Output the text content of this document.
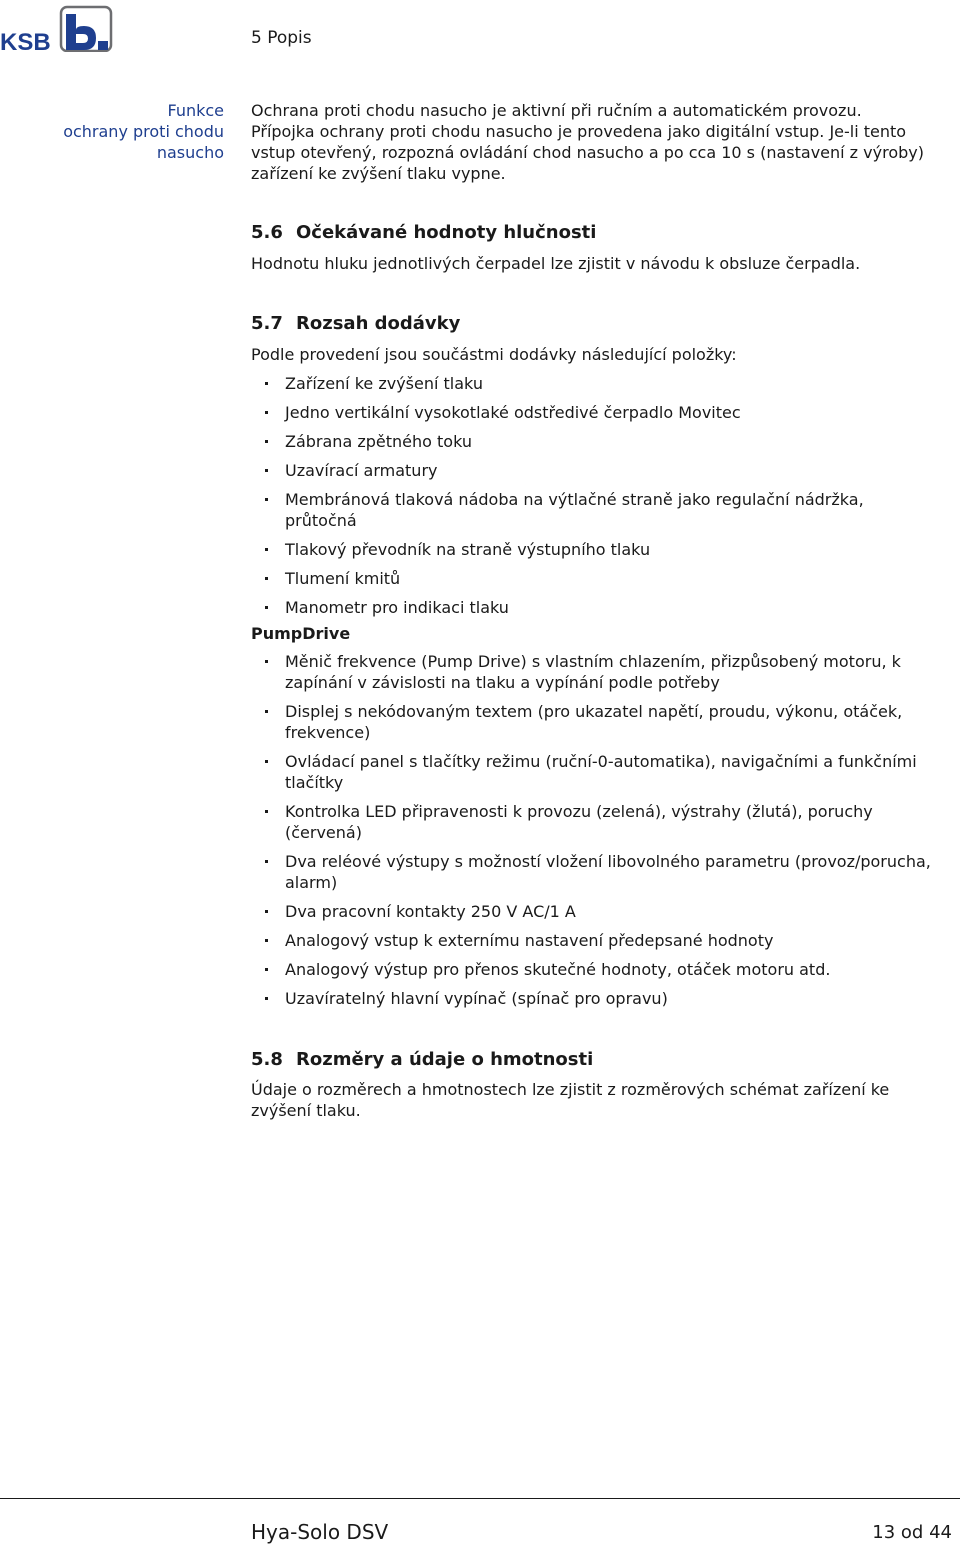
KSB	5 Popis
Funkce
ochrany proti chodu
nasucho
Ochrana proti chodu nasucho je aktivní při ručním a automatickém provozu.
Přípojka ochrany proti chodu nasucho je provedena jako digitální vstup. Je-li tento
vstup otevřený, rozpozná ovládání chod nasucho a po cca 10 s (nastavení z výroby)
zařízení ke zvýšení tlaku vypne.
5.6 Očekávané hodnoty hlučnosti

Hodnotu hluku jednotlivých čerpadel lze zjistit v návodu k obsluze čerpadla.

5.7 Rozsah dodávky

Podle provedení jsou součástmi dodávky následující položky:

Zařízení ke zvýšení tlaku
Jedno vertikální vysokotlaké odstředivé čerpadlo Movitec
Zábrana zpětného toku
Uzavírací armatury
Membránová tlaková nádoba na výtlačné straně jako regulační nádržka, průtočná
Tlakový převodník na straně výstupního tlaku
Tlumení kmitů
Manometr pro indikaci tlaku

PumpDrive

Měnič frekvence (Pump Drive) s vlastním chlazením, přizpůsobený motoru, k zapínání v závislosti na tlaku a vypínání podle potřeby
Displej s nekódovaným textem (pro ukazatel napětí, proudu, výkonu, otáček, frekvence)
Ovládací panel s tlačítky režimu (ruční-0-automatika), navigačními a funkčními tlačítky
Kontrolka LED připravenosti k provozu (zelená), výstrahy (žlutá), poruchy (červená)
Dva reléové výstupy s možností vložení libovolného parametru (provoz/porucha, alarm)
Dva pracovní kontakty 250 V AC/1 A
Analogový vstup k externímu nastavení předepsané hodnoty
Analogový výstup pro přenos skutečné hodnoty, otáček motoru atd.
Uzavíratelný hlavní vypínač (spínač pro opravu)
5.8 Rozměry a údaje o hmotnosti

Údaje o rozměrech a hmotnostech lze zjistit z rozměrových schémat zařízení ke zvýšení tlaku.

Hya-Solo DSV	13 od 44
